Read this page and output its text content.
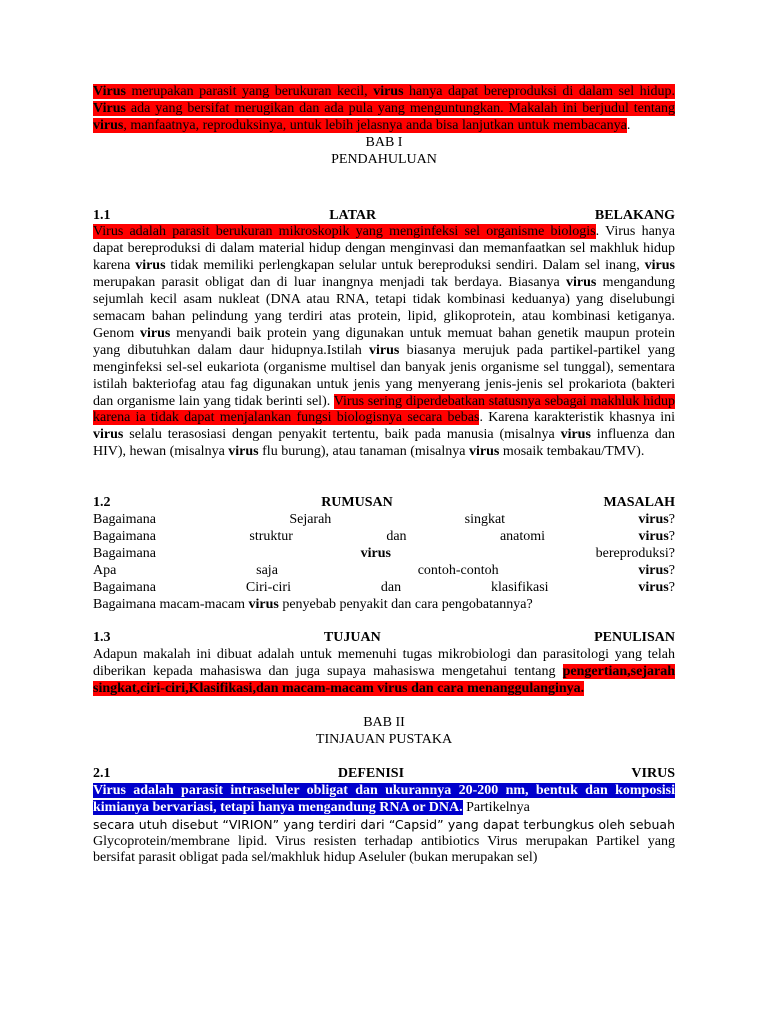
Virus merupakan parasit yang berukuran kecil, virus hanya dapat bereproduksi di dalam sel hidup. Virus ada yang bersifat merugikan dan ada pula yang menguntungkan. Makalah ini berjudul tentang virus, manfaatnya, reproduksinya, untuk lebih jelasnya anda bisa lanjutkan untuk membacanya.

BAB I

PENDAHULUAN

1.1	LATAR	BELAKANG

Virus adalah parasit berukuran mikroskopik yang menginfeksi sel organisme biologis. Virus hanya dapat bereproduksi di dalam material hidup dengan menginvasi dan memanfaatkan sel makhluk hidup karena virus tidak memiliki perlengkapan selular untuk bereproduksi sendiri. Dalam sel inang, virus merupakan parasit obligat dan di luar inangnya menjadi tak berdaya. Biasanya virus mengandung sejumlah kecil asam nukleat (DNA atau RNA, tetapi tidak kombinasi keduanya) yang diselubungi semacam bahan pelindung yang terdiri atas protein, lipid, glikoprotein, atau kombinasi ketiganya. Genom virus menyandi baik protein yang digunakan untuk memuat bahan genetik maupun protein yang dibutuhkan dalam daur hidupnya.Istilah virus biasanya merujuk pada partikel-partikel yang menginfeksi sel-sel eukariota (organisme multisel dan banyak jenis organisme sel tunggal), sementara istilah bakteriofag atau fag digunakan untuk jenis yang menyerang jenis-jenis sel prokariota (bakteri dan organisme lain yang tidak berinti sel). Virus sering diperdebatkan statusnya sebagai makhluk hidup karena ia tidak dapat menjalankan fungsi biologisnya secara bebas. Karena karakteristik khasnya ini virus selalu terasosiasi dengan penyakit tertentu, baik pada manusia (misalnya virus influenza dan HIV), hewan (misalnya virus flu burung), atau tanaman (misalnya virus mosaik tembakau/TMV).

1.2	RUMUSAN	MASALAH
Bagaimana	Sejarah	singkat	virus?
Bagaimana	struktur	dan	anatomi	virus?
Bagaimana	virus	bereproduksi?
Apa	saja	contoh-contoh	virus?
Bagaimana	Ciri-ciri	dan	klasifikasi	virus?

Bagaimana macam-macam virus penyebab penyakit dan cara pengobatannya?

1.3	TUJUAN	PENULISAN

Adapun makalah ini dibuat adalah untuk memenuhi tugas mikrobiologi dan parasitologi yang telah diberikan kepada mahasiswa dan juga supaya mahasiswa mengetahui tentang pengertian,sejarah singkat,ciri-ciri,Klasifikasi,dan macam-macam virus dan cara menanggulanginya.

BAB II

TINJAUAN PUSTAKA

2.1	DEFENISI	VIRUS

Virus adalah parasit intraseluler obligat dan ukurannya 20-200 nm, bentuk dan komposisi kimianya bervariasi, tetapi hanya mengandung RNA or DNA. Partikelnya

secara utuh disebut “VIRION” yang terdiri dari “Capsid” yang dapat terbungkus oleh sebuah

Glycoprotein/membrane lipid. Virus resisten terhadap antibiotics Virus merupakan Partikel yang bersifat parasit obligat pada sel/makhluk hidup Aseluler (bukan merupakan sel)
